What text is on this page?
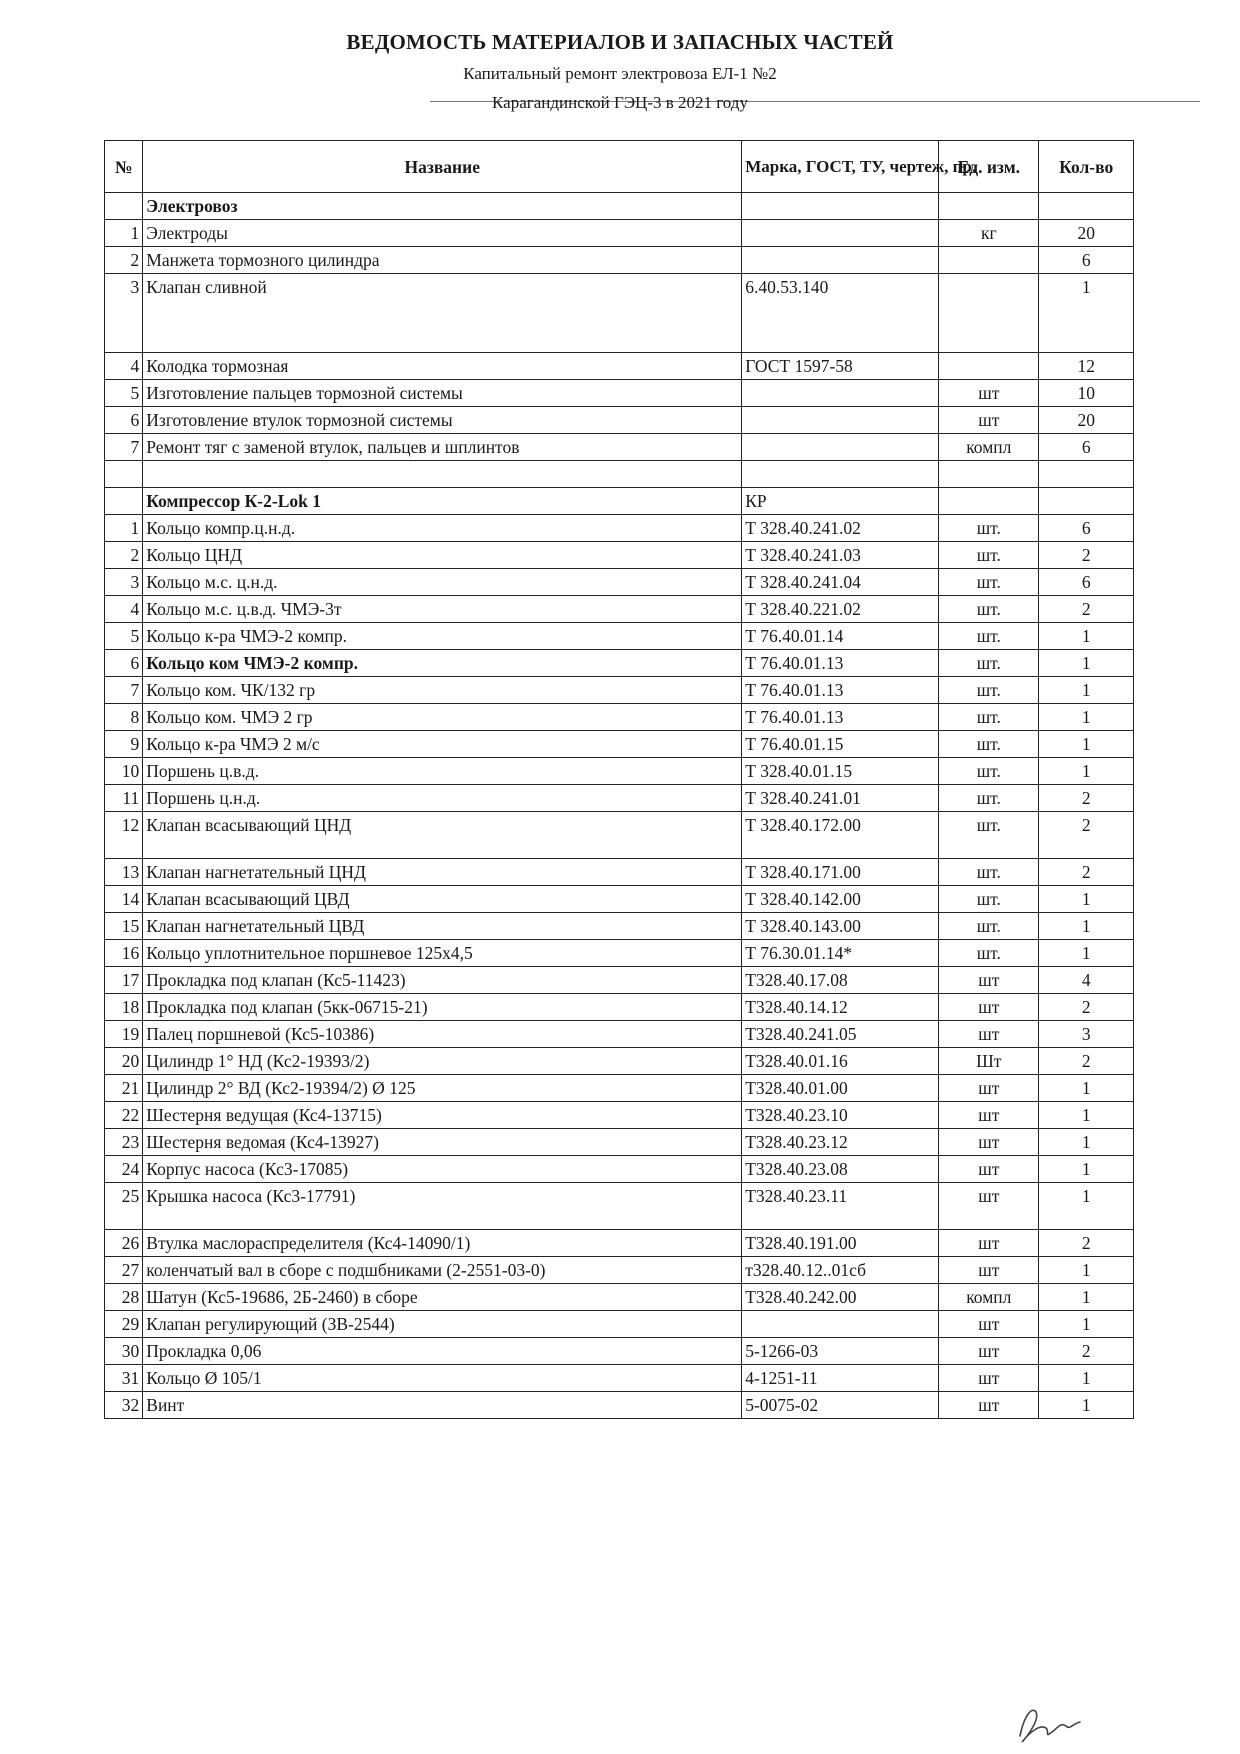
ВЕДОМОСТЬ МАТЕРИАЛОВ И ЗАПАСНЫХ ЧАСТЕЙ
Капитальный ремонт электровоза ЕЛ-1 №2
Карагандинской ГЭЦ-3 в 2021 году
№	Название	Марка, ГОСТ, ТУ, чертеж, пр.	Ед. изм.	Кол-во
	Электровоз			
1	Электроды		кг	20
2	Манжета тормозного цилиндра			6
3	Клапан сливной	6.40.53.140		1
4	Колодка тормозная	ГОСТ 1597-58		12
5	Изготовление пальцев тормозной системы		шт	10
6	Изготовление втулок тормозной системы		шт	20
7	Ремонт тяг с заменой втулок, пальцев и шплинтов		компл	6

	Компрессор К-2-Lok 1	КР		
1	Кольцо компр.ц.н.д.	Т 328.40.241.02	шт.	6
2	Кольцо ЦНД	Т 328.40.241.03	шт.	2
3	Кольцо м.с. ц.н.д.	Т 328.40.241.04	шт.	6
4	Кольцо м.с. ц.в.д. ЧМЭ-3т	Т 328.40.221.02	шт.	2
5	Кольцо к-ра ЧМЭ-2 компр.	Т 76.40.01.14	шт.	1
6	Кольцо ком ЧМЭ-2 компр.	Т 76.40.01.13	шт.	1
7	Кольцо ком. ЧК/132 гр	Т 76.40.01.13	шт.	1
8	Кольцо ком. ЧМЭ 2 гр	Т 76.40.01.13	шт.	1
9	Кольцо к-ра ЧМЭ 2 м/с	Т 76.40.01.15	шт.	1
10	Поршень ц.в.д.	Т 328.40.01.15	шт.	1
11	Поршень ц.н.д.	Т 328.40.241.01	шт.	2
12	Клапан всасывающий ЦНД	Т 328.40.172.00	шт.	2
13	Клапан нагнетательный ЦНД	Т 328.40.171.00	шт.	2
14	Клапан всасывающий ЦВД	Т 328.40.142.00	шт.	1
15	Клапан нагнетательный ЦВД	Т 328.40.143.00	шт.	1
16	Кольцо уплотнительное поршневое 125х4,5	Т 76.30.01.14*	шт.	1
17	Прокладка под клапан (Кс5-11423)	Т328.40.17.08	шт	4
18	Прокладка под клапан (5кк-06715-21)	Т328.40.14.12	шт	2
19	Палец поршневой (Кс5-10386)	Т328.40.241.05	шт	3
20	Цилиндр 1° НД (Кс2-19393/2)	Т328.40.01.16	Шт	2
21	Цилиндр 2° ВД (Кс2-19394/2) Ø 125	Т328.40.01.00	шт	1
22	Шестерня ведущая (Кс4-13715)	Т328.40.23.10	шт	1
23	Шестерня ведомая (Кс4-13927)	Т328.40.23.12	шт	1
24	Корпус насоса (Кс3-17085)	Т328.40.23.08	шт	1
25	Крышка насоса (Кс3-17791)	Т328.40.23.11	шт	1
26	Втулка маслораспределителя (Кс4-14090/1)	Т328.40.191.00	шт	2
27	коленчатый вал в сборе с подшбниками (2-2551-03-0)	т328.40.12..01сб	шт	1
28	Шатун (Кс5-19686, 2Б-2460) в сборе	Т328.40.242.00	компл	1
29	Клапан регулирующий (ЗВ-2544)		шт	1
30	Прокладка 0,06	5-1266-03	шт	2
31	Кольцо Ø 105/1	4-1251-11	шт	1
32	Винт	5-0075-02	шт	1
